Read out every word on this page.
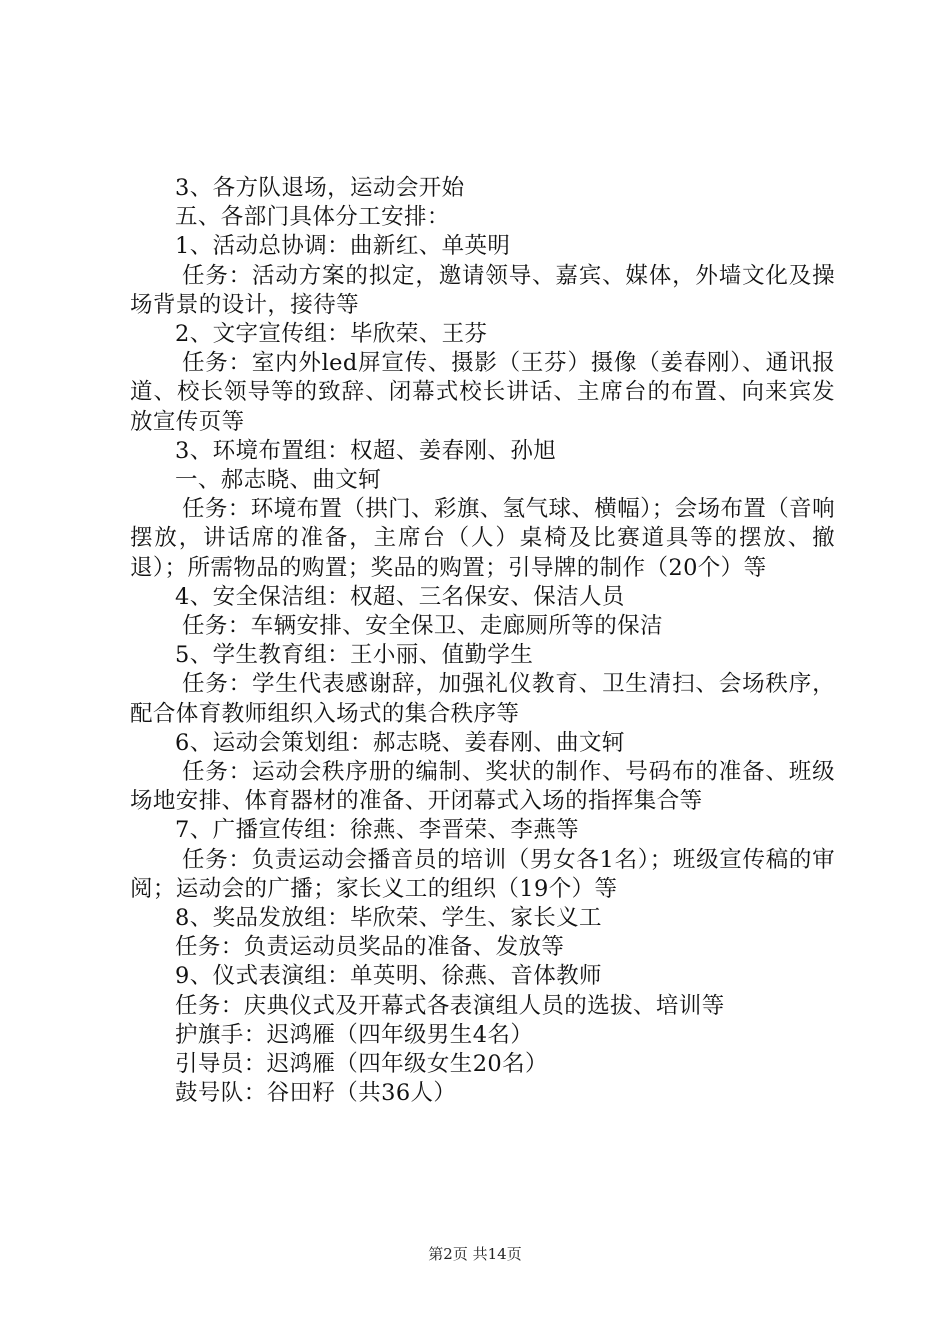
3、各方队退场，运动会开始

五、各部门具体分工安排：

1、活动总协调：曲新红、单英明

任务：活动方案的拟定，邀请领导、嘉宾、媒体，外墙文化及操场背景的设计，接待等

2、文字宣传组：毕欣荣、王芬

任务：室内外led屏宣传、摄影（王芬）摄像（姜春刚）、通讯报道、校长领导等的致辞、闭幕式校长讲话、主席台的布置、向来宾发放宣传页等

3、环境布置组：权超、姜春刚、孙旭

一、郝志晓、曲文轲

任务：环境布置（拱门、彩旗、氢气球、横幅）；会场布置（音响摆放，讲话席的准备，主席台（人）桌椅及比赛道具等的摆放、撤退）；所需物品的购置；奖品的购置；引导牌的制作（20个）等

4、安全保洁组：权超、三名保安、保洁人员

任务：车辆安排、安全保卫、走廊厕所等的保洁

5、学生教育组：王小丽、值勤学生

任务：学生代表感谢辞，加强礼仪教育、卫生清扫、会场秩序，配合体育教师组织入场式的集合秩序等

6、运动会策划组：郝志晓、姜春刚、曲文轲

任务：运动会秩序册的编制、奖状的制作、号码布的准备、班级场地安排、体育器材的准备、开闭幕式入场的指挥集合等

7、广播宣传组：徐燕、李晋荣、李燕等

任务：负责运动会播音员的培训（男女各1名）；班级宣传稿的审阅；运动会的广播；家长义工的组织（19个）等

8、奖品发放组：毕欣荣、学生、家长义工

任务：负责运动员奖品的准备、发放等

9、仪式表演组：单英明、徐燕、音体教师

任务：庆典仪式及开幕式各表演组人员的选拔、培训等

护旗手：迟鸿雁（四年级男生4名）

引导员：迟鸿雁（四年级女生20名）

鼓号队：谷田籽（共36人）

第2页 共14页
